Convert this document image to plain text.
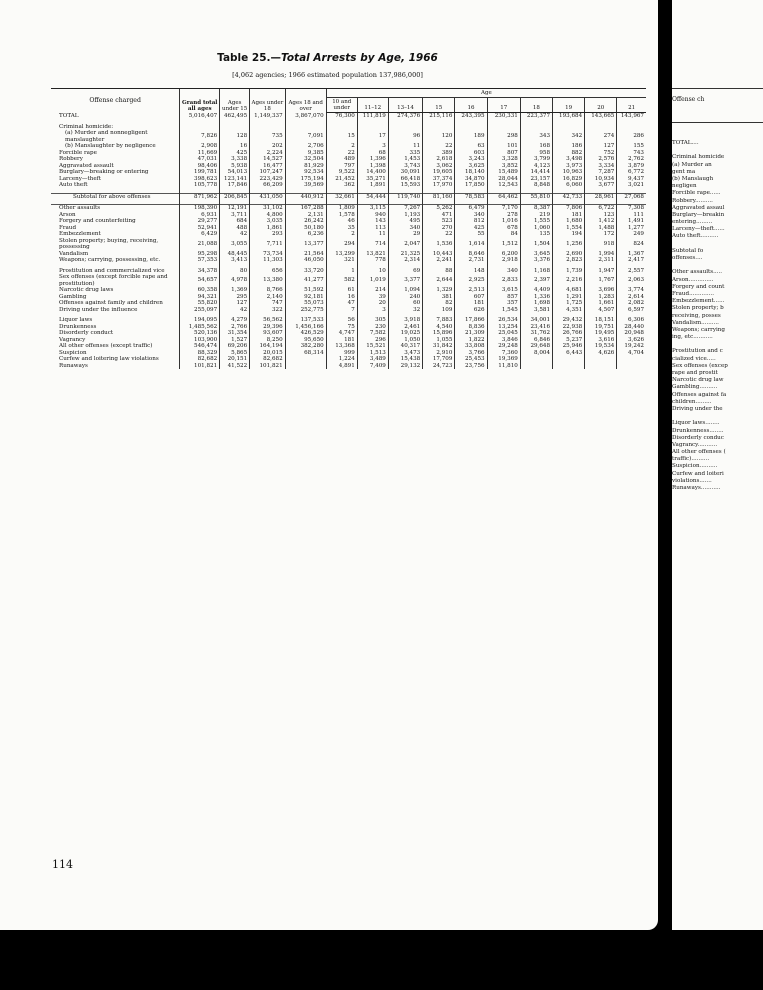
Table 25.—Total Arrests by Age, 1966
[4,062 agencies; 1966 estimated population 137,986,000]
Offense charged	Grand total all ages	Ages under 15	Ages under 18	Ages 18 and over	Age									
					10 and under	11–12	13–14	15	16	17	18	19	20	21
TOTAL	5,016,407	462,495	1,149,337	3,867,070	76,300	111,819	274,376	215,116	243,395	230,331	223,377	193,684	143,665	143,967

Criminal homicide:														
(a) Murder and nonnegligent manslaughter	7,826	128	735	7,091	15	17	96	120	189	298	343	342	274	286
(b) Manslaughter by negligence	2,908	16	202	2,706	2	3	11	22	63	101	168	186	127	155
Forcible rape	11,669	425	2,224	9,385	22	68	335	389	603	807	958	882	752	743
Robbery	47,031	3,338	14,527	32,504	489	1,396	1,453	2,618	3,243	3,328	3,799	3,498	2,576	2,762
Aggravated assault	98,406	5,938	16,477	81,929	797	1,398	3,743	3,062	3,625	3,852	4,123	3,973	3,334	3,879
Burglary—breaking or entering	199,781	54,013	107,247	92,534	9,522	14,400	30,091	19,605	18,140	15,489	14,414	10,963	7,287	6,772
Larceny—theft	398,623	123,141	223,429	175,194	21,452	35,271	66,418	37,374	34,870	28,044	23,157	16,829	10,934	9,437
Auto theft	105,778	17,846	66,209	39,569	362	1,891	15,593	17,970	17,850	12,543	8,848	6,060	3,677	3,021

Subtotal for above offenses	871,962	206,845	431,050	440,912	32,661	54,444	119,740	81,160	78,583	64,462	55,810	42,733	28,961	27,068

Other assaults	198,390	12,191	31,102	167,288	1,809	3,115	7,267	5,262	6,479	7,170	8,387	7,806	6,722	7,308
Arson	6,931	3,711	4,800	2,131	1,578	940	1,193	471	340	278	219	181	123	111
Forgery and counterfeiting	29,277	684	3,035	26,242	46	143	495	523	812	1,016	1,555	1,680	1,412	1,491
Fraud	52,941	488	1,861	50,180	35	113	340	270	425	678	1,060	1,554	1,488	1,277
Embezzlement	6,429	42	293	6,236	2	11	29	22	55	84	135	194	172	249
Stolen property; buying, receiving, possessing	21,088	3,055	7,711	13,377	294	714	2,047	1,536	1,614	1,512	1,504	1,256	918	824
Vandalism	95,298	48,445	73,734	21,564	13,299	13,821	21,325	10,443	8,646	6,200	3,645	2,690	1,994	1,367
Weapons; carrying, possessing, etc.	57,353	3,413	11,303	46,050	321	778	2,314	2,241	2,731	2,918	3,376	2,823	2,311	2,417

Prostitution and commercialized vice	34,378	80	656	33,720	1	10	69	88	148	340	1,168	1,739	1,947	2,557
Sex offenses (except forcible rape and prostitution)	54,657	4,978	13,380	41,277	582	1,019	3,377	2,644	2,925	2,833	2,397	2,216	1,767	2,063
Narcotic drug laws	60,358	1,369	8,766	51,592	61	214	1,094	1,329	2,513	3,615	4,409	4,681	3,696	3,774
Gambling	94,321	295	2,140	92,181	16	39	240	381	607	857	1,336	1,291	1,283	2,614
Offenses against family and children	55,820	127	747	55,073	47	20	60	82	181	357	1,698	1,725	1,661	2,082
Driving under the influence	255,097	42	322	252,775	7	3	32	109	626	1,545	3,581	4,351	4,507	6,597

Liquor laws	194,095	4,279	56,562	137,533	56	305	3,918	7,883	17,866	26,534	34,001	29,432	18,151	6,306
Drunkenness	1,485,562	2,766	29,396	1,456,166	75	230	2,461	4,540	8,836	13,254	23,416	22,938	19,751	28,440
Disorderly conduct	520,136	31,354	93,607	426,529	4,747	7,582	19,025	15,896	21,309	25,045	31,762	26,766	19,495	20,948
Vagrancy	103,900	1,527	8,250	95,650	181	296	1,050	1,055	1,822	3,846	6,846	5,237	3,616	3,626
All other offenses (except traffic)	546,474	69,206	164,194	382,280	13,368	15,521	40,317	31,842	33,808	29,248	29,648	25,946	19,534	19,242
Suspicion	88,329	5,865	20,015	68,314	999	1,513	3,473	2,910	3,766	7,360	8,004	6,443	4,626	4,704
Curfew and loitering law violations	82,682	20,151	82,682		1,224	3,489	15,438	17,709	25,453	19,369				
Runaways	101,821	41,522	101,821		4,891	7,409	29,132	24,723	23,756	11,810				
114
Offense ch
TOTAL....
Criminal homicide
(a) Murder an
gent ma
(b) Manslaugh
negligen
Forcible rape......
Robbery..........
Aggravated assaul
Burglary—breakin
entering.........
Larceny—theft......
Auto theft..........
Subtotal fo
offenses....
Other assaults.....
Arson..............
Forgery and count
Fraud..............
Embezzlement......
Stolen property; b
receiving, posses
Vandalism..........
Weapons; carrying
ing, etc...........
Prostitution and c
cialized vice.....
Sex offenses (excep
rape and prostit
Narcotic drug law
Gambling..........
Offenses against fa
children.........
Driving under the
Liquor laws........
Drunkenness........
Disorderly conduc
Vagrancy...........
All other offenses (
traffic)..........
Suspicion..........
Curfew and loiteri
violations.......
Runaways...........
